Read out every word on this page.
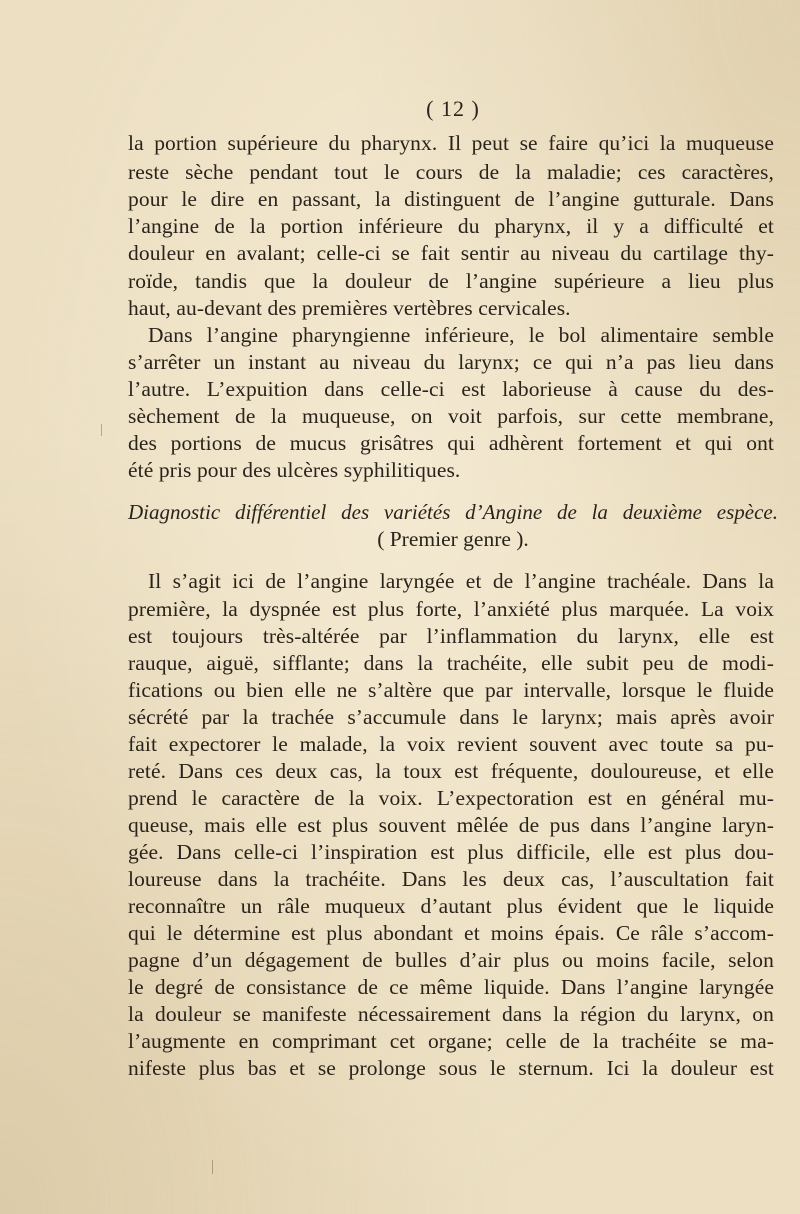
( 12 )
la portion supérieure du pharynx. Il peut se faire qu’ici la muqueuse
reste sèche pendant tout le cours de la maladie; ces caractères,
pour le dire en passant, la distinguent de l’angine gutturale. Dans
l’angine de la portion inférieure du pharynx, il y a difficulté et
douleur en avalant; celle-ci se fait sentir au niveau du cartilage thy-
roïde, tandis que la douleur de l’angine supérieure a lieu plus
haut, au-devant des premières vertèbres cervicales.
Dans l’angine pharyngienne inférieure, le bol alimentaire semble
s’arrêter un instant au niveau du larynx; ce qui n’a pas lieu dans
l’autre. L’expuition dans celle-ci est laborieuse à cause du des-
sèchement de la muqueuse, on voit parfois, sur cette membrane,
des portions de mucus grisâtres qui adhèrent fortement et qui ont
été pris pour des ulcères syphilitiques.
Diagnostic différentiel des variétés d’Angine de la deuxième espèce.
( Premier genre ).
Il s’agit ici de l’angine laryngée et de l’angine trachéale. Dans la
première, la dyspnée est plus forte, l’anxiété plus marquée. La voix
est toujours très-altérée par l’inflammation du larynx, elle est
rauque, aiguë, sifflante; dans la trachéite, elle subit peu de modi-
fications ou bien elle ne s’altère que par intervalle, lorsque le fluide
sécrété par la trachée s’accumule dans le larynx; mais après avoir
fait expectorer le malade, la voix revient souvent avec toute sa pu-
reté. Dans ces deux cas, la toux est fréquente, douloureuse, et elle
prend le caractère de la voix. L’expectoration est en général mu-
queuse, mais elle est plus souvent mêlée de pus dans l’angine laryn-
gée. Dans celle-ci l’inspiration est plus difficile, elle est plus dou-
loureuse dans la trachéite. Dans les deux cas, l’auscultation fait
reconnaître un râle muqueux d’autant plus évident que le liquide
qui le détermine est plus abondant et moins épais. Ce râle s’accom-
pagne d’un dégagement de bulles d’air plus ou moins facile, selon
le degré de consistance de ce même liquide. Dans l’angine laryngée
la douleur se manifeste nécessairement dans la région du larynx, on
l’augmente en comprimant cet organe; celle de la trachéite se ma-
nifeste plus bas et se prolonge sous le sternum. Ici la douleur est
